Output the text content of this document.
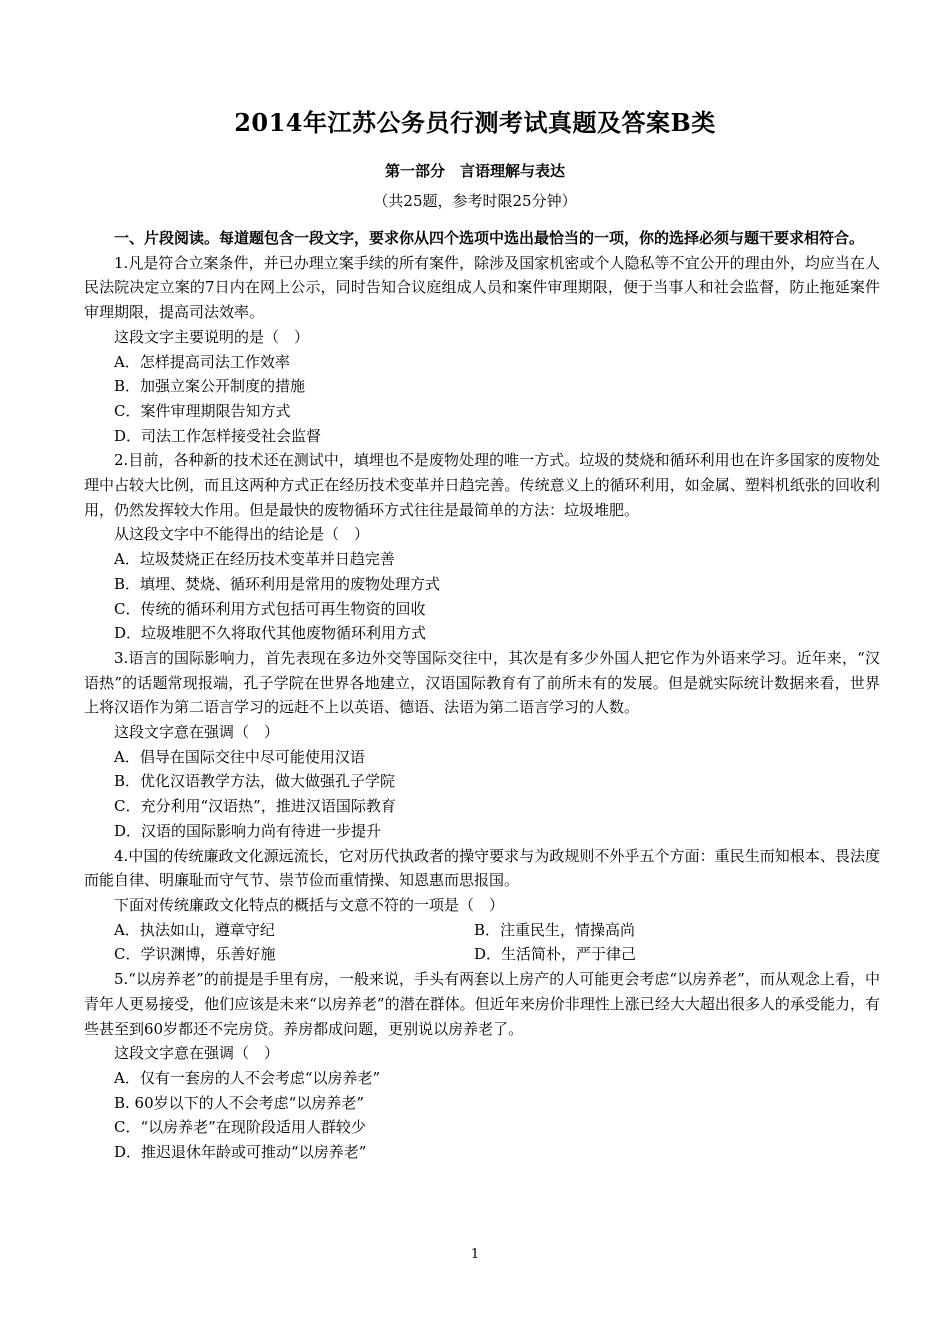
2014年江苏公务员行测考试真题及答案B类
第一部分　言语理解与表达
（共25题，参考时限25分钟）

一、片段阅读。每道题包含一段文字，要求你从四个选项中选出最恰当的一项，你的选择必须与题干要求相符合。

1.凡是符合立案条件，并已办理立案手续的所有案件，除涉及国家机密或个人隐私等不宜公开的理由外，均应当在人民法院决定立案的7日内在网上公示，同时告知合议庭组成人员和案件审理期限，便于当事人和社会监督，防止拖延案件审理期限，提高司法效率。

这段文字主要说明的是（　）

A．怎样提高司法工作效率

B．加强立案公开制度的措施

C．案件审理期限告知方式

D．司法工作怎样接受社会监督

2.目前，各种新的技术还在测试中，填埋也不是废物处理的唯一方式。垃圾的焚烧和循环利用也在许多国家的废物处理中占较大比例，而且这两种方式正在经历技术变革并日趋完善。传统意义上的循环利用，如金属、塑料机纸张的回收利用，仍然发挥较大作用。但是最快的废物循环方式往往是最简单的方法：垃圾堆肥。

从这段文字中不能得出的结论是（　）

A．垃圾焚烧正在经历技术变革并日趋完善

B．填埋、焚烧、循环利用是常用的废物处理方式

C．传统的循环利用方式包括可再生物资的回收

D．垃圾堆肥不久将取代其他废物循环利用方式

3.语言的国际影响力，首先表现在多边外交等国际交往中，其次是有多少外国人把它作为外语来学习。近年来，“汉语热”的话题常现报端，孔子学院在世界各地建立，汉语国际教育有了前所未有的发展。但是就实际统计数据来看，世界上将汉语作为第二语言学习的远赶不上以英语、德语、法语为第二语言学习的人数。

这段文字意在强调（　）

A．倡导在国际交往中尽可能使用汉语

B．优化汉语教学方法，做大做强孔子学院

C．充分利用“汉语热”，推进汉语国际教育

D．汉语的国际影响力尚有待进一步提升

4.中国的传统廉政文化源远流长，它对历代执政者的操守要求与为政规则不外乎五个方面：重民生而知根本、畏法度而能自律、明廉耻而守气节、崇节俭而重情操、知恩惠而思报国。

下面对传统廉政文化特点的概括与文意不符的一项是（　）

A．执法如山，遵章守纪	B．注重民生，情操高尚
C．学识渊博，乐善好施	D．生活简朴，严于律己

5.“以房养老”的前提是手里有房，一般来说，手头有两套以上房产的人可能更会考虑“以房养老”，而从观念上看，中青年人更易接受，他们应该是未来“以房养老”的潜在群体。但近年来房价非理性上涨已经大大超出很多人的承受能力，有些甚至到60岁都还不完房贷。养房都成问题，更别说以房养老了。

这段文字意在强调（　）

A．仅有一套房的人不会考虑“以房养老”

B. 60岁以下的人不会考虑“以房养老”

C．“以房养老”在现阶段适用人群较少

D．推迟退休年龄或可推动“以房养老”

1
